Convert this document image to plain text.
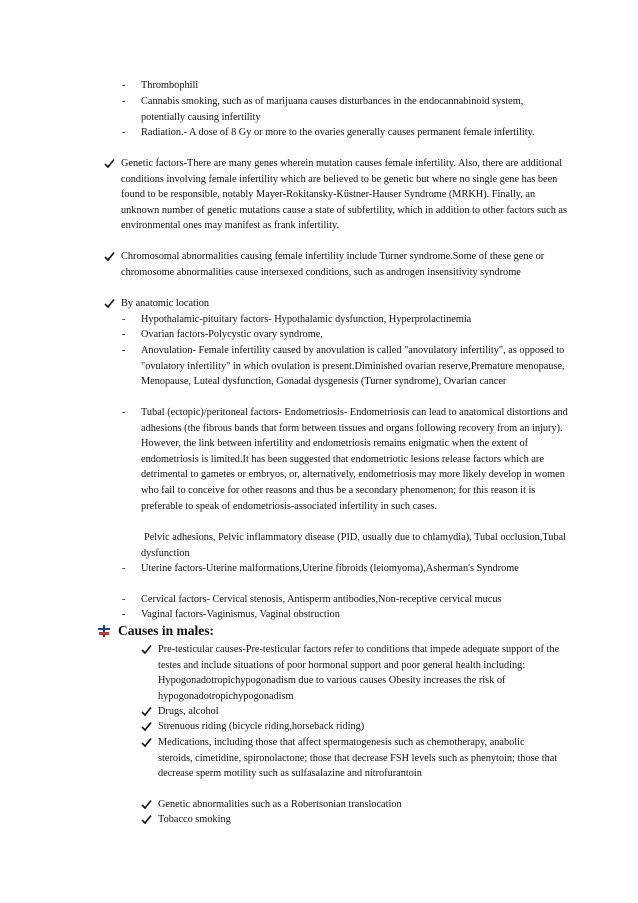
- Thrombophili
- Cannabis smoking, such as of marijuana causes disturbances in the endocannabinoid system, potentially causing infertility
- Radiation.- A dose of 8 Gy or more to the ovaries generally causes permanent female infertility.
Genetic factors-There are many genes wherein mutation causes female infertility. Also, there are additional conditions involving female infertility which are believed to be genetic but where no single gene has been found to be responsible, notably Mayer-Rokitansky-Küstner-Hauser Syndrome (MRKH). Finally, an unknown number of genetic mutations cause a state of subfertility, which in addition to other factors such as environmental ones may manifest as frank infertility.
Chromosomal abnormalities causing female infertility include Turner syndrome.Some of these gene or chromosome abnormalities cause intersexed conditions, such as androgen insensitivity syndrome
By anatomic location
- Hypothalamic-pituitary factors- Hypothalamic dysfunction, Hyperprolactinemia
- Ovarian factors-Polycystic ovary syndrome,
- Anovulation- Female infertility caused by anovulation is called "anovulatory infertility", as opposed to "ovulatory infertility" in which ovulation is present.Diminished ovarian reserve,Premature menopause, Menopause, Luteal dysfunction, Gonadal dysgenesis (Turner syndrome), Ovarian cancer
- Tubal (ectopic)/peritoneal factors- Endometriosis- Endometriosis can lead to anatomical distortions and adhesions (the fibrous bands that form between tissues and organs following recovery from an injury). However, the link between infertility and endometriosis remains enigmatic when the extent of endometriosis is limited.It has been suggested that endometriotic lesions release factors which are detrimental to gametes or embryos, or, alternatively, endometriosis may more likely develop in women who fail to conceive for other reasons and thus be a secondary phenomenon; for this reason it is preferable to speak of endometriosis-associated infertility in such cases.
Pelvic adhesions, Pelvic inflammatory disease (PID, usually due to chlamydia), Tubal occlusion,Tubal dysfunction
- Uterine factors-Uterine malformations,Uterine fibroids (leiomyoma),Asherman's Syndrome
- Cervical factors- Cervical stenosis, Antisperm antibodies,Non-receptive cervical mucus
- Vaginal factors-Vaginismus, Vaginal obstruction
Causes in males:
Pre-testicular causes-Pre-testicular factors refer to conditions that impede adequate support of the testes and include situations of poor hormonal support and poor general health including: Hypogonadotropichypogonadism due to various causes Obesity increases the risk of hypogonadotropichypogonadism
Drugs, alcohol
Strenuous riding (bicycle riding,horseback riding)
Medications, including those that affect spermatogenesis such as chemotherapy, anabolic steroids, cimetidine, spironolactone; those that decrease FSH levels such as phenytoin; those that decrease sperm motility such as sulfasalazine and nitrofurantoin
Genetic abnormalities such as a Robertsonian translocation
Tobacco smoking
